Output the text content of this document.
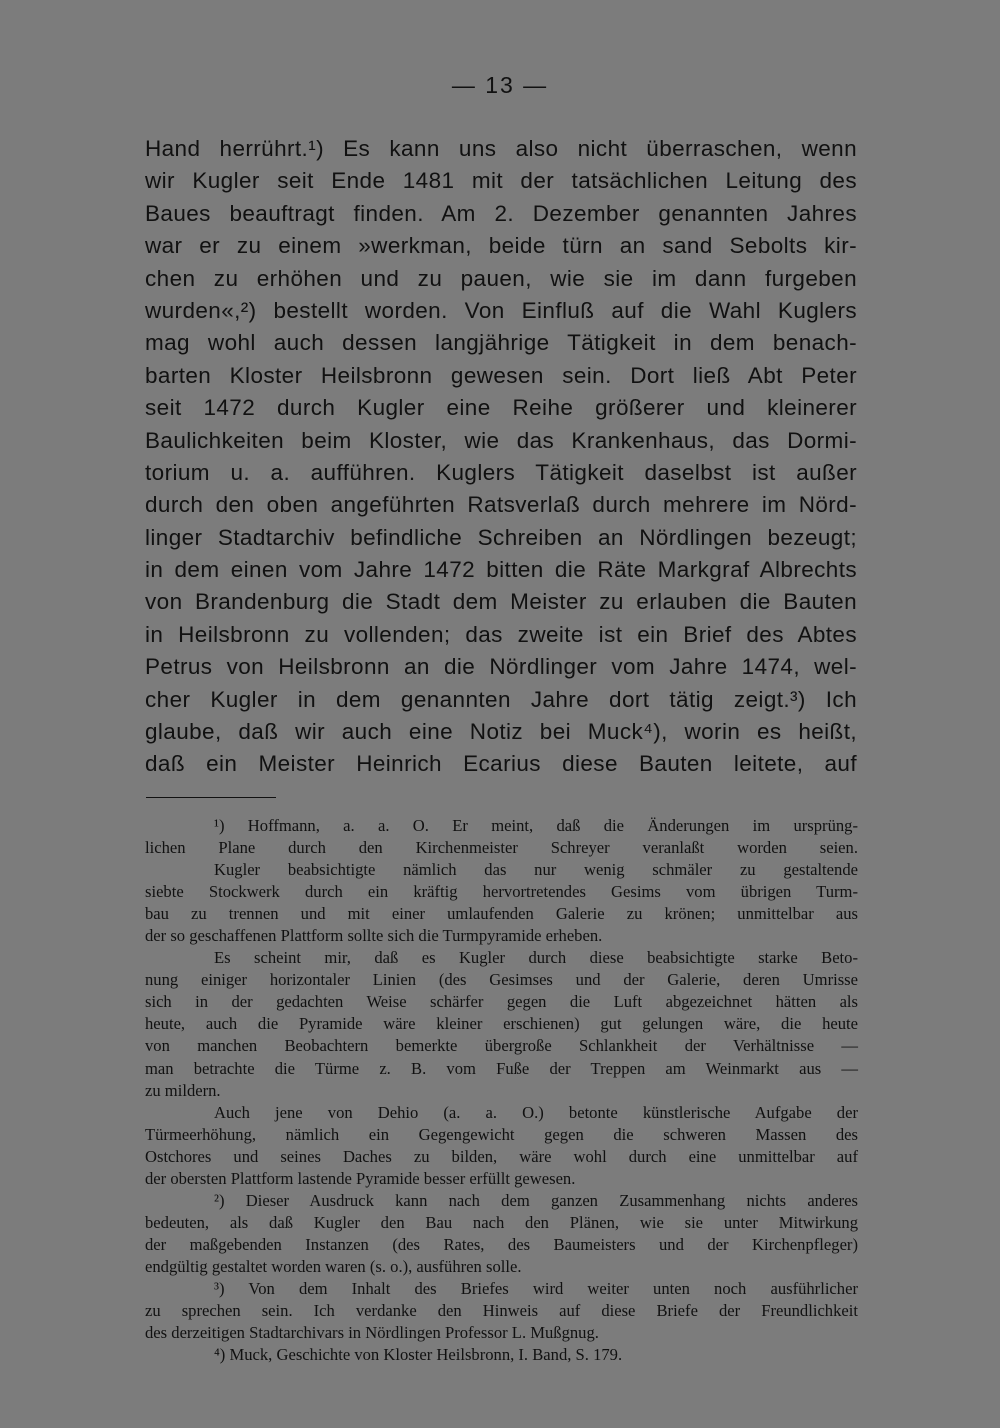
— 13 —
Hand herrührt.¹) Es kann uns also nicht überraschen, wenn
wir Kugler seit Ende 1481 mit der tatsächlichen Leitung des
Baues beauftragt finden. Am 2. Dezember genannten Jahres
war er zu einem »werkman, beide türn an sand Sebolts kir-
chen zu erhöhen und zu pauen, wie sie im dann furgeben
wurden«,²) bestellt worden. Von Einfluß auf die Wahl Kuglers
mag wohl auch dessen langjährige Tätigkeit in dem benach-
barten Kloster Heilsbronn gewesen sein. Dort ließ Abt Peter
seit 1472 durch Kugler eine Reihe größerer und kleinerer
Baulichkeiten beim Kloster, wie das Krankenhaus, das Dormi-
torium u. a. aufführen. Kuglers Tätigkeit daselbst ist außer
durch den oben angeführten Ratsverlaß durch mehrere im Nörd-
linger Stadtarchiv befindliche Schreiben an Nördlingen bezeugt;
in dem einen vom Jahre 1472 bitten die Räte Markgraf Albrechts
von Brandenburg die Stadt dem Meister zu erlauben die Bauten
in Heilsbronn zu vollenden; das zweite ist ein Brief des Abtes
Petrus von Heilsbronn an die Nördlinger vom Jahre 1474, wel-
cher Kugler in dem genannten Jahre dort tätig zeigt.³) Ich
glaube, daß wir auch eine Notiz bei Muck⁴), worin es heißt,
daß ein Meister Heinrich Ecarius diese Bauten leitete, auf
¹) Hoffmann, a. a. O. Er meint, daß die Änderungen im ursprüng-
lichen Plane durch den Kirchenmeister Schreyer veranlaßt worden seien.
Kugler beabsichtigte nämlich das nur wenig schmäler zu gestaltende
siebte Stockwerk durch ein kräftig hervortretendes Gesims vom übrigen Turm-
bau zu trennen und mit einer umlaufenden Galerie zu krönen; unmittelbar aus
der so geschaffenen Plattform sollte sich die Turmpyramide erheben.
Es scheint mir, daß es Kugler durch diese beabsichtigte starke Beto-
nung einiger horizontaler Linien (des Gesimses und der Galerie, deren Umrisse
sich in der gedachten Weise schärfer gegen die Luft abgezeichnet hätten als
heute, auch die Pyramide wäre kleiner erschienen) gut gelungen wäre, die heute
von manchen Beobachtern bemerkte übergroße Schlankheit der Verhältnisse —
man betrachte die Türme z. B. vom Fuße der Treppen am Weinmarkt aus —
zu mildern.
Auch jene von Dehio (a. a. O.) betonte künstlerische Aufgabe der
Türmeerhöhung, nämlich ein Gegengewicht gegen die schweren Massen des
Ostchores und seines Daches zu bilden, wäre wohl durch eine unmittelbar auf
der obersten Plattform lastende Pyramide besser erfüllt gewesen.
²) Dieser Ausdruck kann nach dem ganzen Zusammenhang nichts anderes
bedeuten, als daß Kugler den Bau nach den Plänen, wie sie unter Mitwirkung
der maßgebenden Instanzen (des Rates, des Baumeisters und der Kirchenpfleger)
endgültig gestaltet worden waren (s. o.), ausführen solle.
³) Von dem Inhalt des Briefes wird weiter unten noch ausführlicher
zu sprechen sein. Ich verdanke den Hinweis auf diese Briefe der Freundlichkeit
des derzeitigen Stadtarchivars in Nördlingen Professor L. Mußgnug.
⁴) Muck, Geschichte von Kloster Heilsbronn, I. Band, S. 179.
